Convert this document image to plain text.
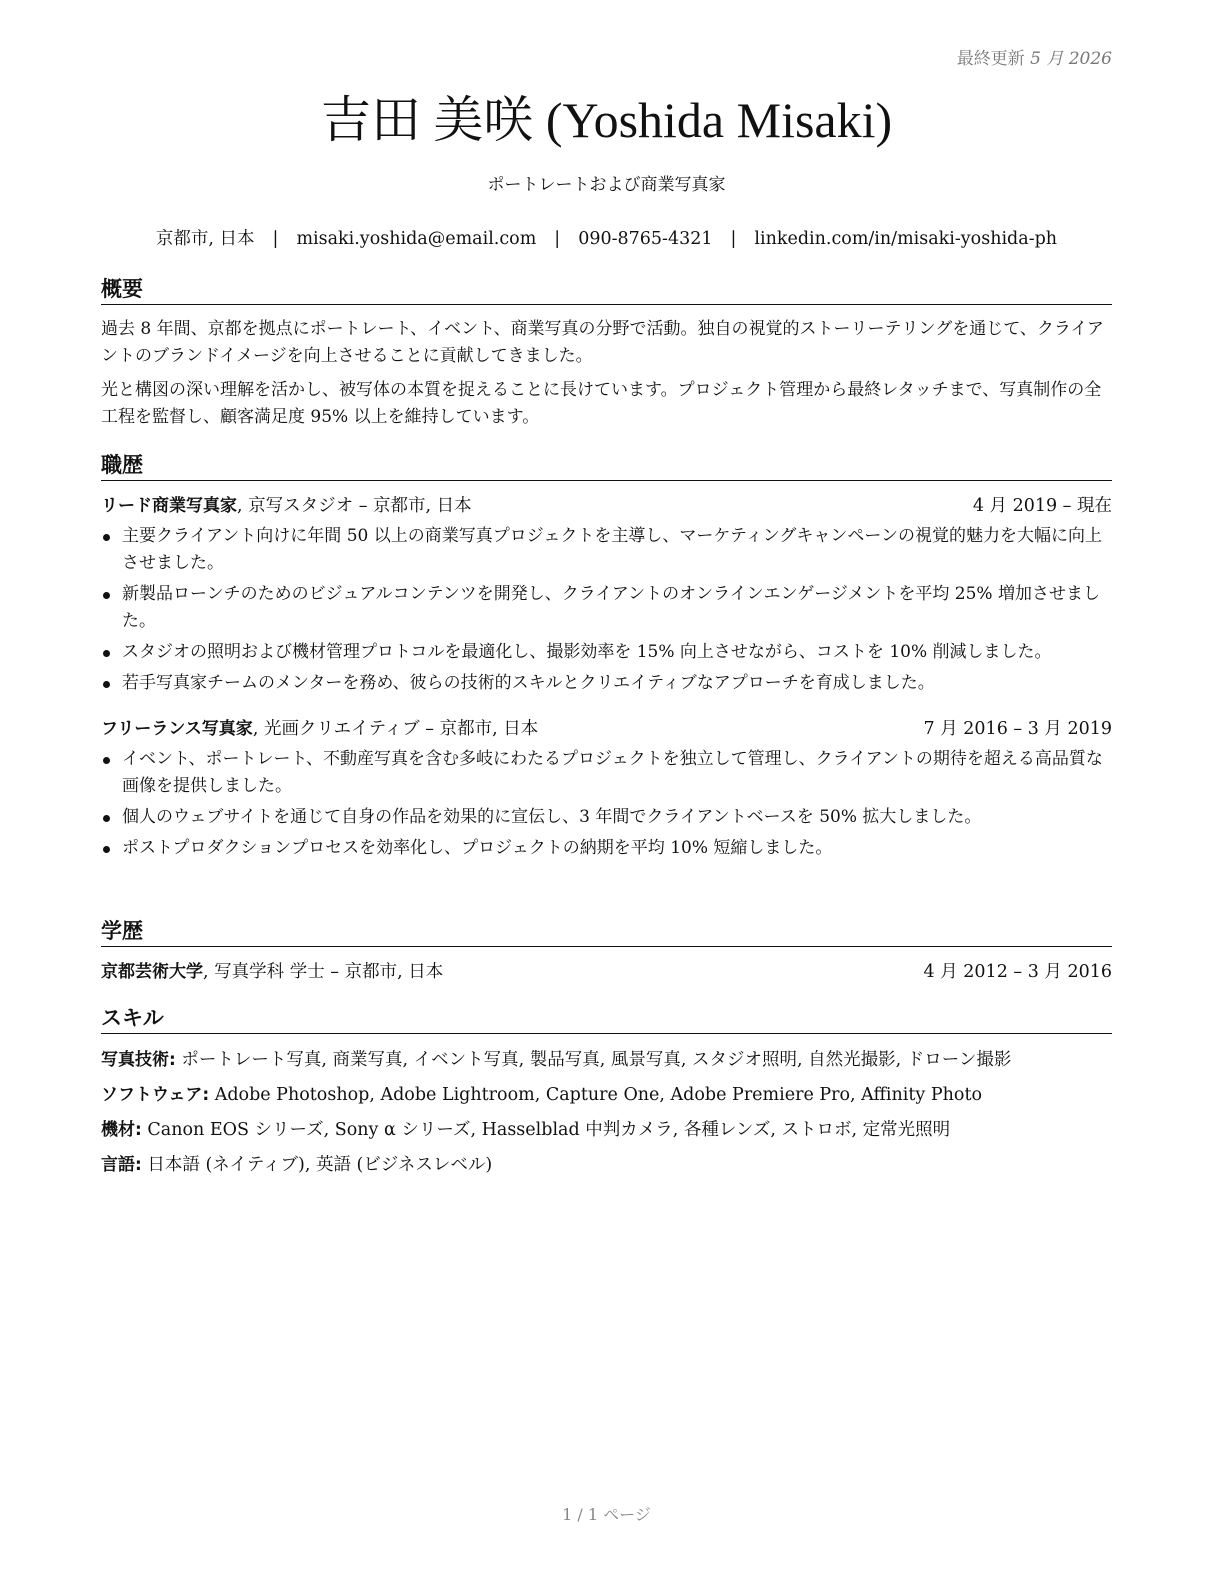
最終更新 5 月 2026
吉田 美咲 (Yoshida Misaki)
ポートレートおよび商業写真家
京都市, 日本 | misaki.yoshida@email.com | 090-8765-4321 | linkedin.com/in/misaki-yoshida-ph
概要

過去 8 年間、京都を拠点にポートレート、イベント、商業写真の分野で活動。独自の視覚的ストーリーテリングを通じて、クライアントのブランドイメージを向上させることに貢献してきました。

光と構図の深い理解を活かし、被写体の本質を捉えることに長けています。プロジェクト管理から最終レタッチまで、写真制作の全工程を監督し、顧客満足度 95% 以上を維持しています。

職歴
リード商業写真家, 京写スタジオ – 京都市, 日本	4 月 2019 – 現在
主要クライアント向けに年間 50 以上の商業写真プロジェクトを主導し、マーケティングキャンペーンの視覚的魅力を大幅に向上させました。
新製品ローンチのためのビジュアルコンテンツを開発し、クライアントのオンラインエンゲージメントを平均 25% 増加させました。
スタジオの照明および機材管理プロトコルを最適化し、撮影効率を 15% 向上させながら、コストを 10% 削減しました。
若手写真家チームのメンターを務め、彼らの技術的スキルとクリエイティブなアプローチを育成しました。
フリーランス写真家, 光画クリエイティブ – 京都市, 日本	7 月 2016 – 3 月 2019
イベント、ポートレート、不動産写真を含む多岐にわたるプロジェクトを独立して管理し、クライアントの期待を超える高品質な画像を提供しました。
個人のウェブサイトを通じて自身の作品を効果的に宣伝し、3 年間でクライアントベースを 50% 拡大しました。
ポストプロダクションプロセスを効率化し、プロジェクトの納期を平均 10% 短縮しました。
学歴
京都芸術大学, 写真学科 学士 – 京都市, 日本	4 月 2012 – 3 月 2016
スキル
写真技術: ポートレート写真, 商業写真, イベント写真, 製品写真, 風景写真, スタジオ照明, 自然光撮影, ドローン撮影
ソフトウェア: Adobe Photoshop, Adobe Lightroom, Capture One, Adobe Premiere Pro, Affinity Photo
機材: Canon EOS シリーズ, Sony α シリーズ, Hasselblad 中判カメラ, 各種レンズ, ストロボ, 定常光照明
言語: 日本語 (ネイティブ), 英語 (ビジネスレベル)
1 / 1 ページ
